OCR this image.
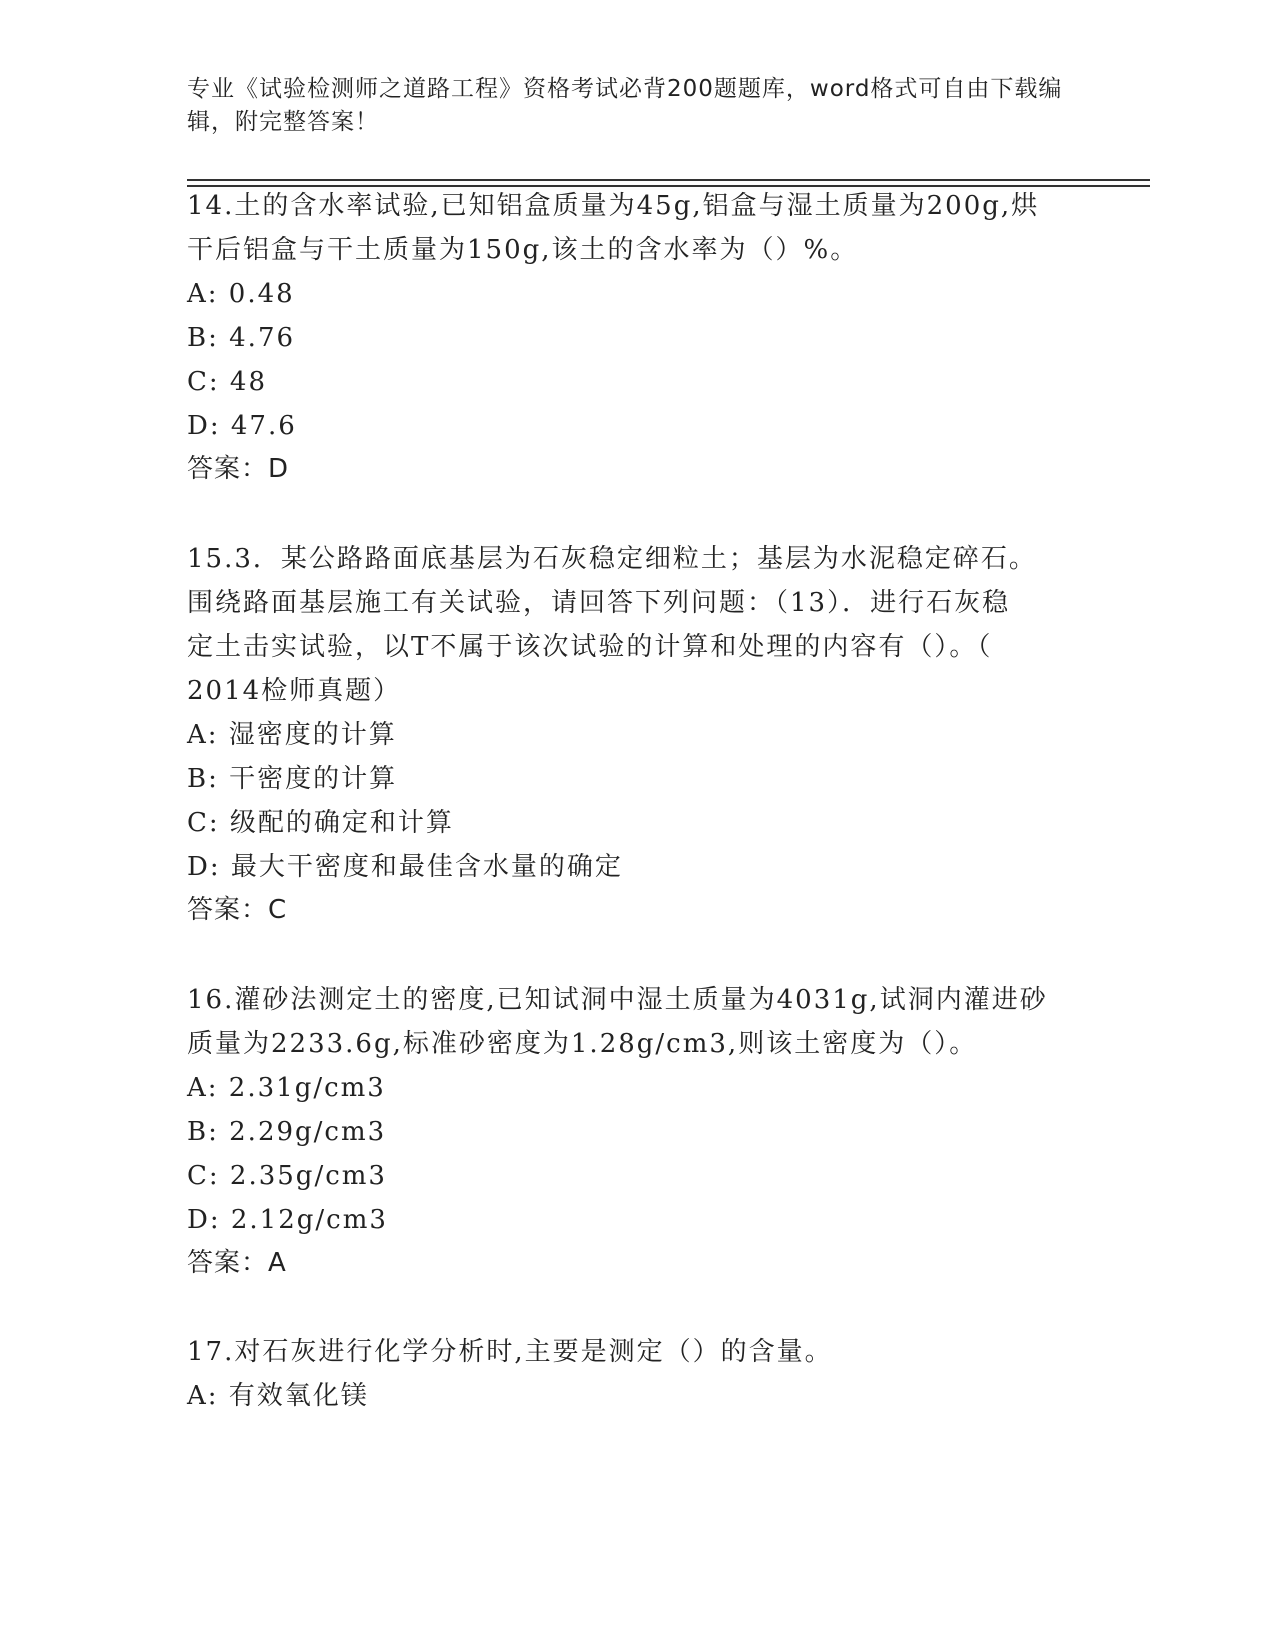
专业《试验检测师之道路工程》资格考试必背200题题库，word格式可自由下载编辑，附完整答案！
14.土的含水率试验,已知铝盒质量为45g,铝盒与湿土质量为200g,烘
干后铝盒与干土质量为150g,该土的含水率为（）%。
A: 0.48
B: 4.76
C: 48
D: 47.6
答案：D
15.3．某公路路面底基层为石灰稳定细粒土；基层为水泥稳定碎石。
围绕路面基层施工有关试验，请回答下列问题：（13）．进行石灰稳
定土击实试验，以T不属于该次试验的计算和处理的内容有（）。（
2014检师真题）
A: 湿密度的计算
B: 干密度的计算
C: 级配的确定和计算
D: 最大干密度和最佳含水量的确定
答案：C
16.灌砂法测定土的密度,已知试洞中湿土质量为4031g,试洞内灌进砂
质量为2233.6g,标准砂密度为1.28g/cm3,则该土密度为（）。
A: 2.31g/cm3
B: 2.29g/cm3
C: 2.35g/cm3
D: 2.12g/cm3
答案：A
17.对石灰进行化学分析时,主要是测定（）的含量。
A: 有效氧化镁
